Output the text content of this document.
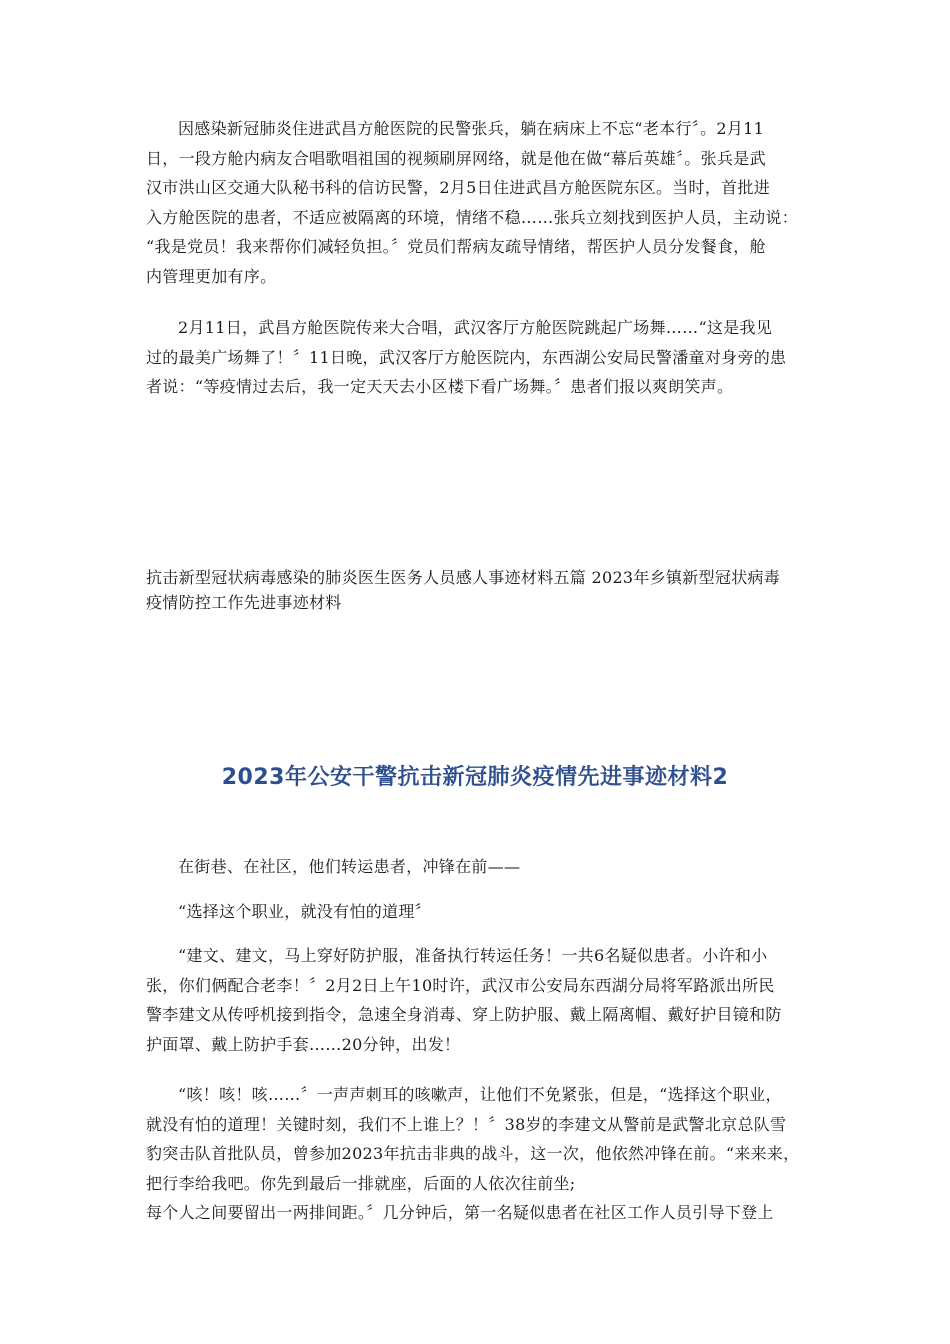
因感染新冠肺炎住进武昌方舱医院的民警张兵，躺在病床上不忘“老本行〞。2月11
日，一段方舱内病友合唱歌唱祖国的视频刷屏网络，就是他在做“幕后英雄〞。张兵是武
汉市洪山区交通大队秘书科的信访民警，2月5日住进武昌方舱医院东区。当时，首批进
入方舱医院的患者，不适应被隔离的环境，情绪不稳……张兵立刻找到医护人员，主动说：
“我是党员！我来帮你们减轻负担。〞党员们帮病友疏导情绪，帮医护人员分发餐食，舱
内管理更加有序。

2月11日，武昌方舱医院传来大合唱，武汉客厅方舱医院跳起广场舞……“这是我见
过的最美广场舞了！〞11日晚，武汉客厅方舱医院内，东西湖公安局民警潘童对身旁的患
者说：“等疫情过去后，我一定天天去小区楼下看广场舞。〞患者们报以爽朗笑声。

抗击新型冠状病毒感染的肺炎医生医务人员感人事迹材料五篇 2023年乡镇新型冠状病毒
疫情防控工作先进事迹材料

2023年公安干警抗击新冠肺炎疫情先进事迹材料2

在街巷、在社区，他们转运患者，冲锋在前——

“选择这个职业，就没有怕的道理〞

“建文、建文，马上穿好防护服，准备执行转运任务！一共6名疑似患者。小许和小
张，你们俩配合老李！〞2月2日上午10时许，武汉市公安局东西湖分局将军路派出所民
警李建文从传呼机接到指令，急速全身消毒、穿上防护服、戴上隔离帽、戴好护目镜和防
护面罩、戴上防护手套……20分钟，出发！

“咳！咳！咳……〞一声声刺耳的咳嗽声，让他们不免紧张，但是，“选择这个职业，
就没有怕的道理！关键时刻，我们不上谁上？！〞38岁的李建文从警前是武警北京总队雪
豹突击队首批队员，曾参加2023年抗击非典的战斗，这一次，他依然冲锋在前。“来来来，
把行李给我吧。你先到最后一排就座，后面的人依次往前坐;
每个人之间要留出一两排间距。〞几分钟后，第一名疑似患者在社区工作人员引导下登上
